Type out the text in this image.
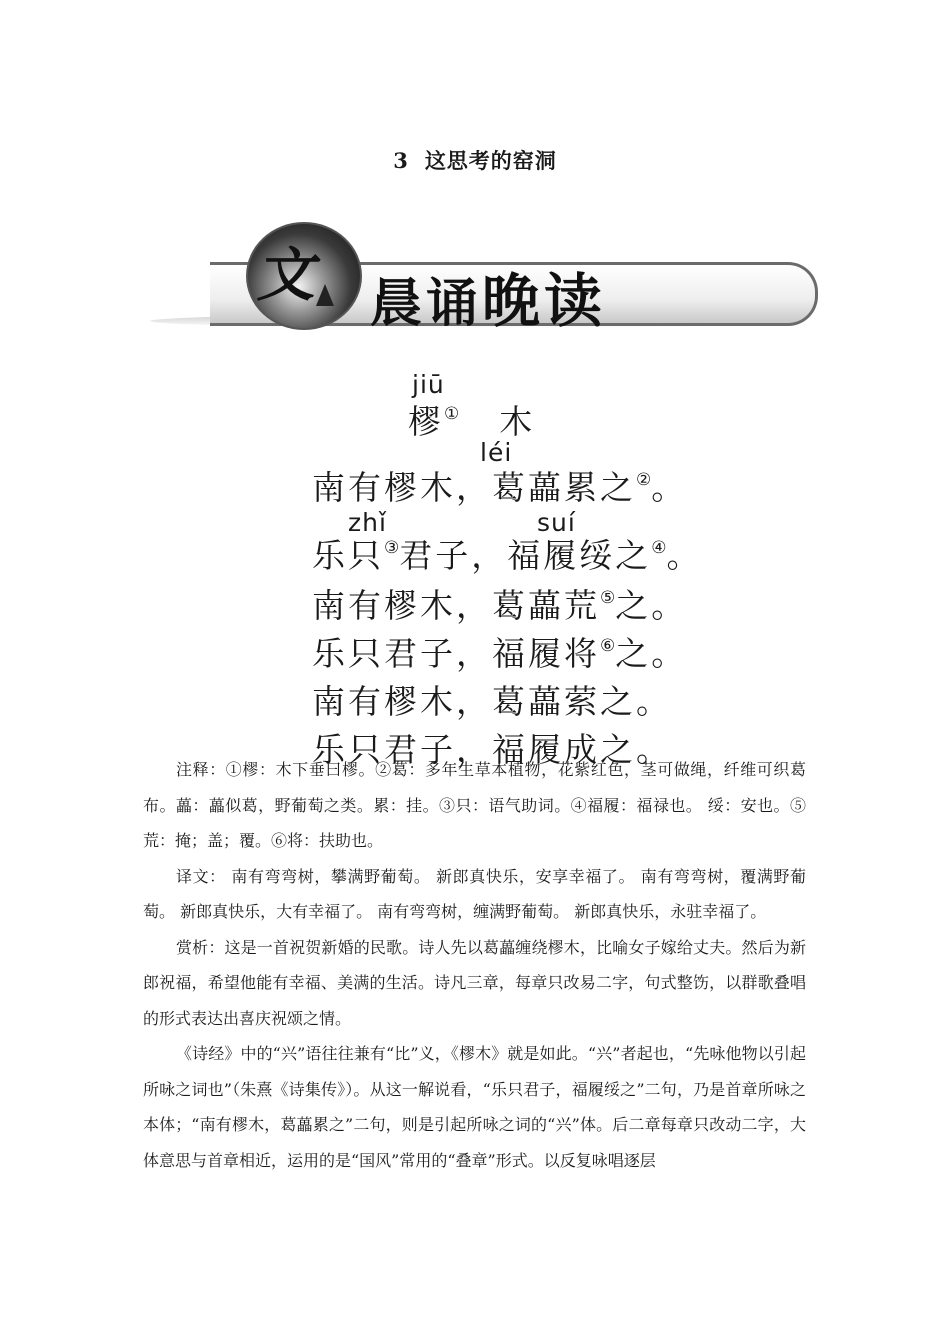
3 这思考的窑洞
文 晨诵晚读
jiū
樛① 木
léi
南有樛木，葛藟累之②。
zhǐ	suí
乐只③君子，福履绥之④。
南有樛木，葛藟荒⑤之。
乐只君子，福履将⑥之。
南有樛木，葛藟萦之。
乐只君子，福履成之。

注释：①樛：木下垂曰樛。②葛：多年生草本植物，花紫红色，茎可做绳，纤维可织葛布。藟：藟似葛，野葡萄之类。累：挂。③只：语气助词。④福履：福禄也。 绥：安也。⑤荒：掩；盖；覆。⑥将：扶助也。

译文： 南有弯弯树，攀满野葡萄。 新郎真快乐，安享幸福了。 南有弯弯树，覆满野葡萄。 新郎真快乐，大有幸福了。 南有弯弯树，缠满野葡萄。 新郎真快乐，永驻幸福了。

赏析：这是一首祝贺新婚的民歌。诗人先以葛藟缠绕樛木，比喻女子嫁给丈夫。然后为新郎祝福，希望他能有幸福、美满的生活。诗凡三章，每章只改易二字，句式整饬，以群歌叠唱的形式表达出喜庆祝颂之情。

《诗经》中的“兴”语往往兼有“比”义，《樛木》就是如此。“兴”者起也，“先咏他物以引起所咏之词也”（朱熹《诗集传》）。从这一解说看，“乐只君子，福履绥之”二句，乃是首章所咏之本体；“南有樛木，葛藟累之”二句，则是引起所咏之词的“兴”体。后二章每章只改动二字，大体意思与首章相近，运用的是“国风”常用的“叠章”形式。以反复咏唱逐层
